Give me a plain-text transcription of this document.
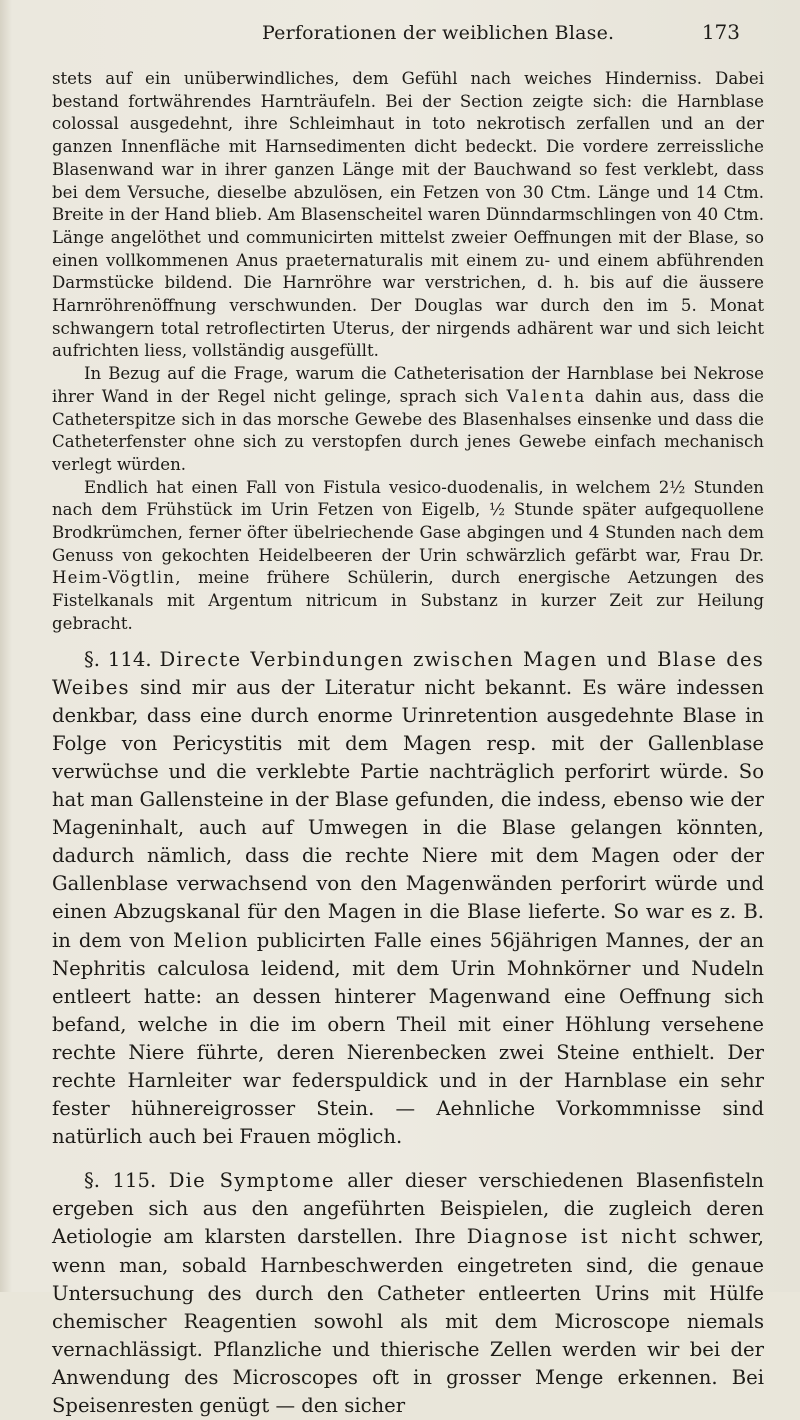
Perforationen der weiblichen Blase.	173

stets auf ein unüberwindliches, dem Gefühl nach weiches Hinderniss. Dabei bestand fortwährendes Harnträufeln. Bei der Section zeigte sich: die Harnblase colossal ausgedehnt, ihre Schleimhaut in toto nekrotisch zerfallen und an der ganzen Innenfläche mit Harnsedimenten dicht bedeckt. Die vordere zerreissliche Blasenwand war in ihrer ganzen Länge mit der Bauchwand so fest verklebt, dass bei dem Versuche, dieselbe abzulösen, ein Fetzen von 30 Ctm. Länge und 14 Ctm. Breite in der Hand blieb. Am Blasenscheitel waren Dünndarmschlingen von 40 Ctm. Länge angelöthet und communicirten mittelst zweier Oeffnungen mit der Blase, so einen vollkommenen Anus praeternaturalis mit einem zu- und einem abführenden Darmstücke bildend. Die Harnröhre war verstrichen, d. h. bis auf die äussere Harnröhrenöffnung verschwunden. Der Douglas war durch den im 5. Monat schwangern total retroflectirten Uterus, der nirgends adhärent war und sich leicht aufrichten liess, vollständig ausgefüllt.

In Bezug auf die Frage, warum die Catheterisation der Harnblase bei Nekrose ihrer Wand in der Regel nicht gelinge, sprach sich Valenta dahin aus, dass die Catheterspitze sich in das morsche Gewebe des Blasenhalses einsenke und dass die Catheterfenster ohne sich zu verstopfen durch jenes Gewebe einfach mechanisch verlegt würden.

Endlich hat einen Fall von Fistula vesico-duodenalis, in welchem 2½ Stunden nach dem Frühstück im Urin Fetzen von Eigelb, ½ Stunde später aufgequollene Brodkrümchen, ferner öfter übelriechende Gase abgingen und 4 Stunden nach dem Genuss von gekochten Heidelbeeren der Urin schwärzlich gefärbt war, Frau Dr. Heim-Vögtlin, meine frühere Schülerin, durch energische Aetzungen des Fistelkanals mit Argentum nitricum in Substanz in kurzer Zeit zur Heilung gebracht.

§. 114. Directe Verbindungen zwischen Magen und Blase des Weibes sind mir aus der Literatur nicht bekannt. Es wäre indessen denkbar, dass eine durch enorme Urinretention ausgedehnte Blase in Folge von Pericystitis mit dem Magen resp. mit der Gallenblase verwüchse und die verklebte Partie nachträglich perforirt würde. So hat man Gallensteine in der Blase gefunden, die indess, ebenso wie der Mageninhalt, auch auf Umwegen in die Blase gelangen könnten, dadurch nämlich, dass die rechte Niere mit dem Magen oder der Gallenblase verwachsend von den Magenwänden perforirt würde und einen Abzugskanal für den Magen in die Blase lieferte. So war es z. B. in dem von Melion publicirten Falle eines 56jährigen Mannes, der an Nephritis calculosa leidend, mit dem Urin Mohnkörner und Nudeln entleert hatte: an dessen hinterer Magenwand eine Oeffnung sich befand, welche in die im obern Theil mit einer Höhlung versehene rechte Niere führte, deren Nierenbecken zwei Steine enthielt. Der rechte Harnleiter war federspuldick und in der Harnblase ein sehr fester hühnereigrosser Stein. — Aehnliche Vorkommnisse sind natürlich auch bei Frauen möglich.

§. 115. Die Symptome aller dieser verschiedenen Blasenfisteln ergeben sich aus den angeführten Beispielen, die zugleich deren Aetiologie am klarsten darstellen. Ihre Diagnose ist nicht schwer, wenn man, sobald Harnbeschwerden eingetreten sind, die genaue Untersuchung des durch den Catheter entleerten Urins mit Hülfe chemischer Reagentien sowohl als mit dem Microscope niemals vernachlässigt. Pflanzliche und thierische Zellen werden wir bei der Anwendung des Microscopes oft in grosser Menge erkennen. Bei Speisenresten genügt — den sicher
